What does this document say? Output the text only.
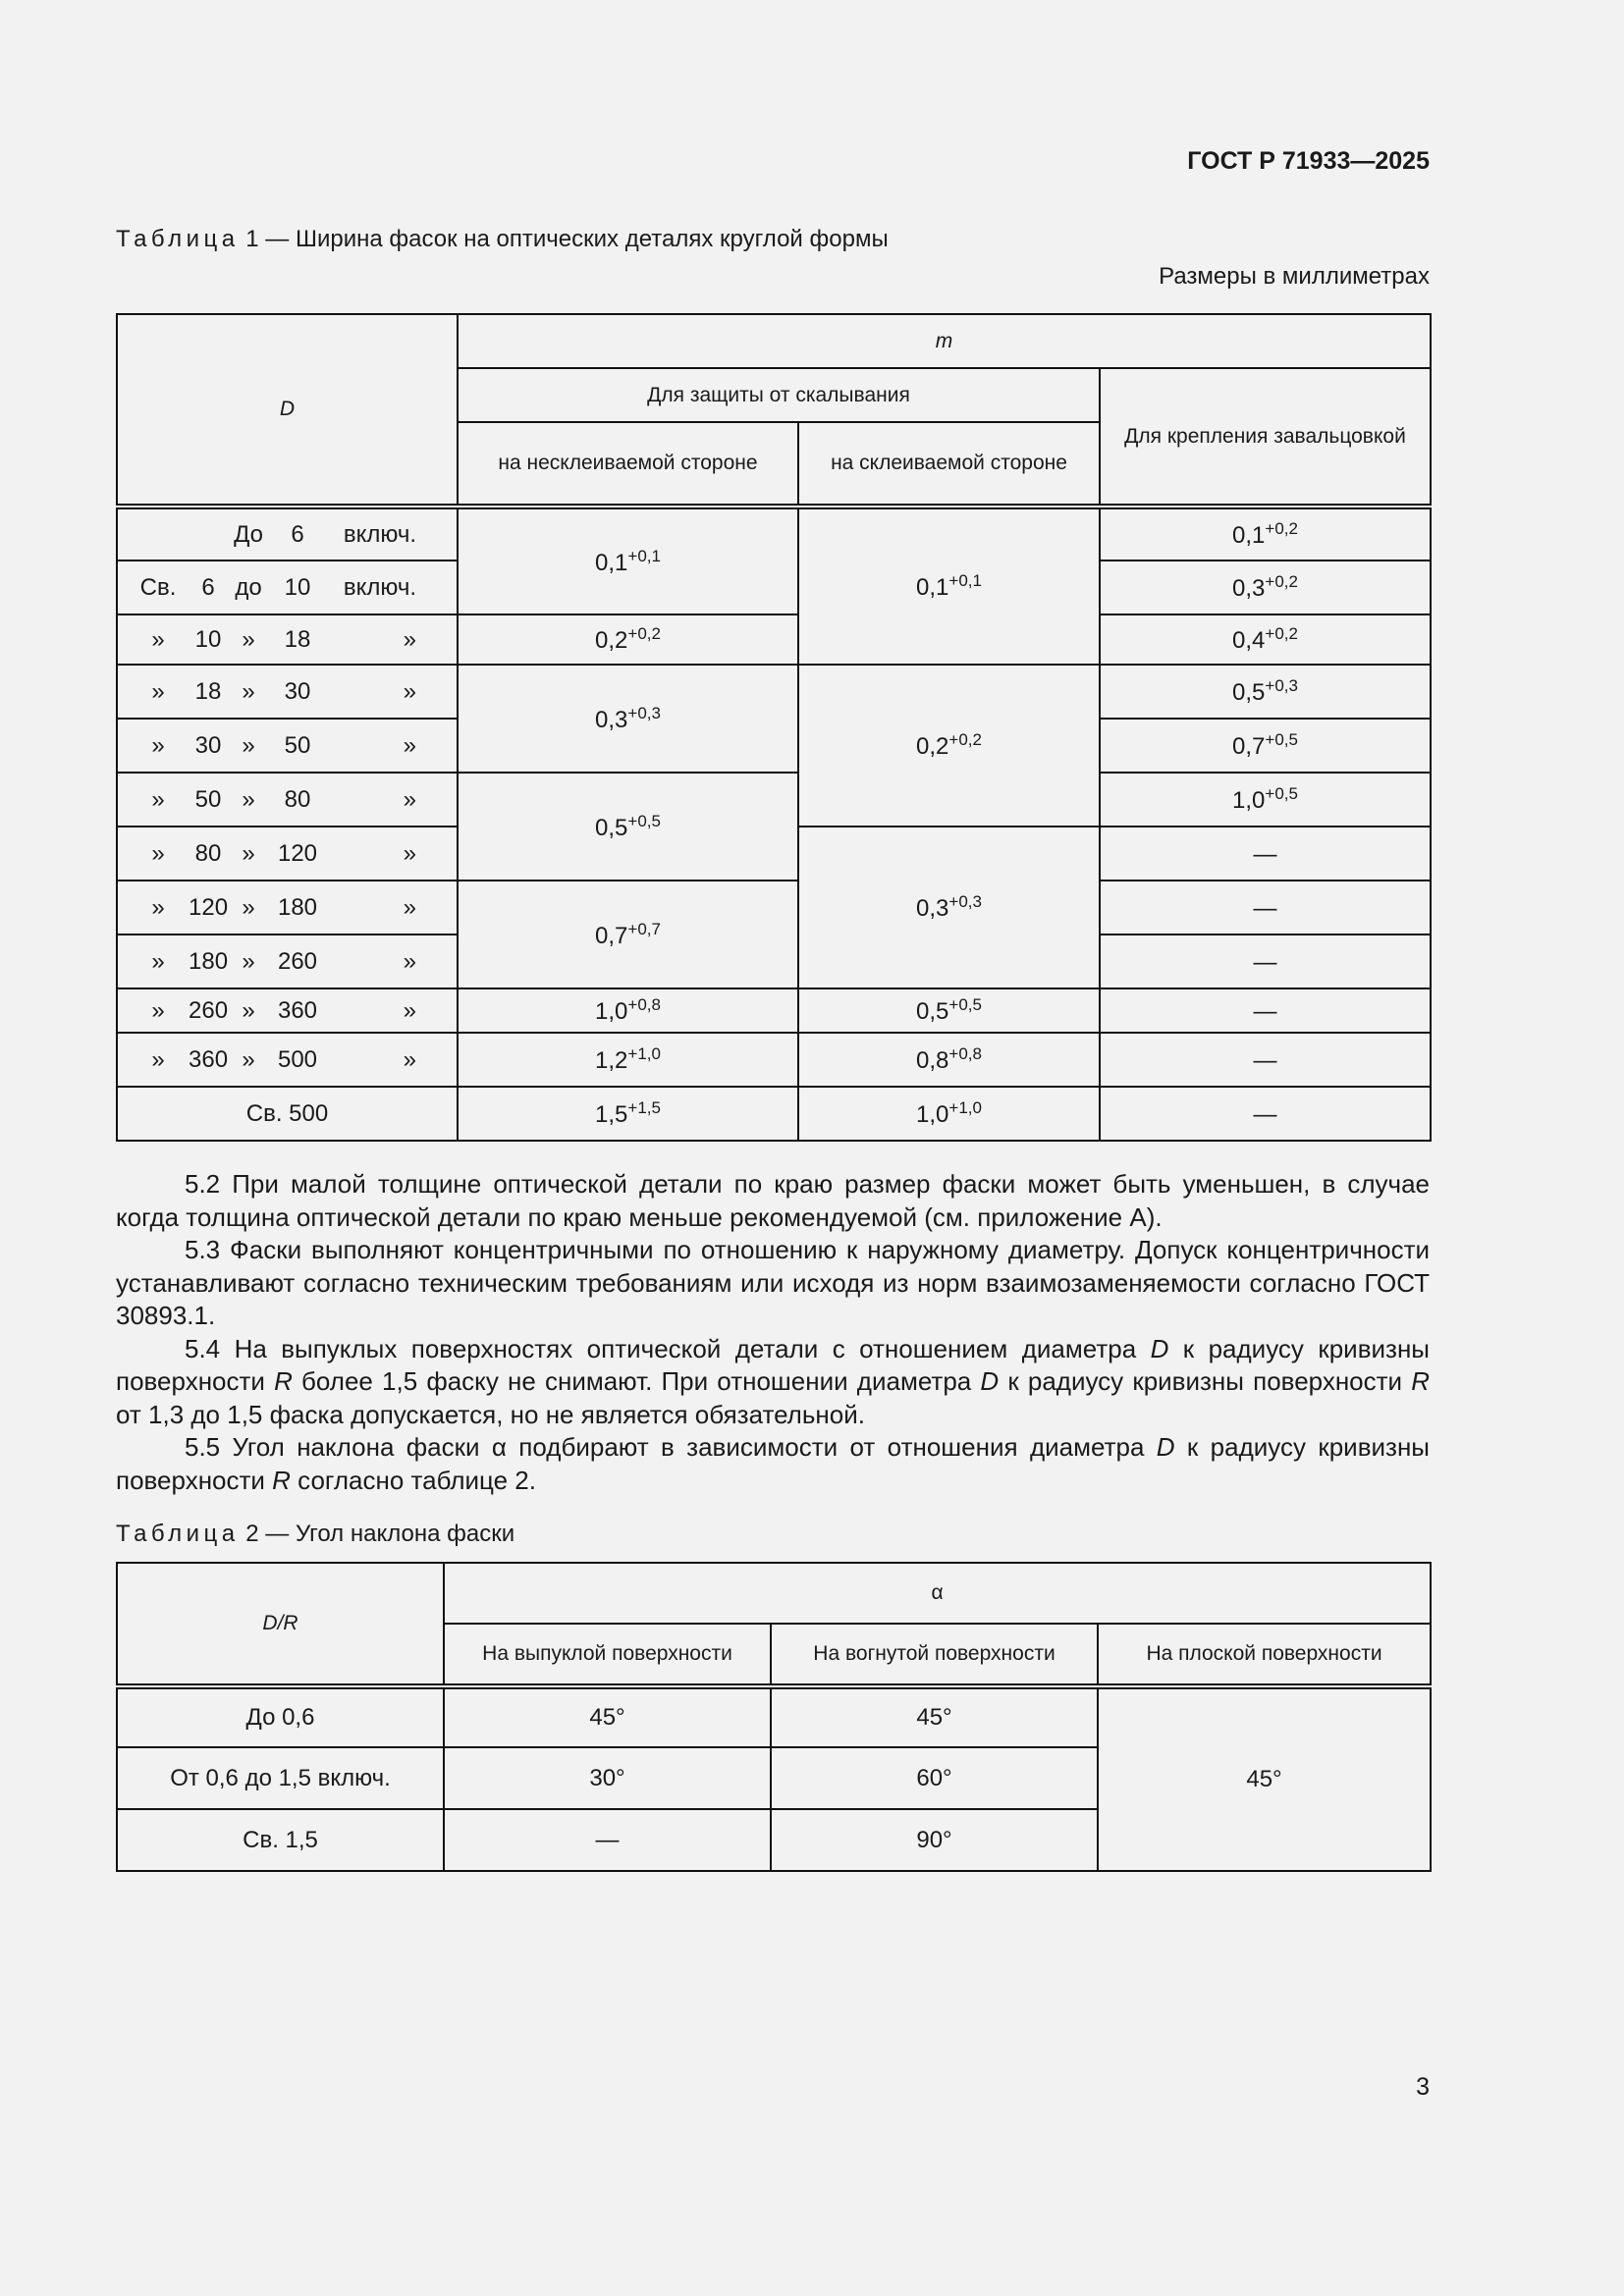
ГОСТ Р 71933—2025
Таблица 1 — Ширина фасок на оптических деталях круглой формы
Размеры в миллиметрах
D	m		
	Для защиты от скалывания		Для крепления завальцовкой
	на несклеиваемой стороне	на склеиваемой стороне	

До 6 включ.	$0,1^{+0,1}$	$0,1^{+0,1}$	$0,1^{+0,2}$

Св. 6 до 10 включ.			$0,3^{+0,2}$

» 10 » 18 »	$0,2^{+0,2}$		$0,4^{+0,2}$

» 18 » 30 »	$0,3^{+0,3}$	$0,2^{+0,2}$	$0,5^{+0,3}$

» 30 » 50 »			$0,7^{+0,5}$

» 50 » 80 »	$0,5^{+0,5}$		$1,0^{+0,5}$

» 80 » 120 »		$0,3^{+0,3}$	—

» 120 » 180 »	$0,7^{+0,7}$		—

» 180 » 260 »			—

» 260 » 360 »	$1,0^{+0,8}$	$0,5^{+0,5}$	—

» 360 » 500 »	$1,2^{+1,0}$	$0,8^{+0,8}$	—
Св. 500	$1,5^{+1,5}$	$1,0^{+1,0}$	—

5.2 При малой толщине оптической детали по краю размер фаски может быть уменьшен, в случае когда толщина оптической детали по краю меньше рекомендуемой (см. приложение А).

5.3 Фаски выполняют концентричными по отношению к наружному диаметру. Допуск концентричности устанавливают согласно техническим требованиям или исходя из норм взаимозаменяемости согласно ГОСТ 30893.1.

5.4 На выпуклых поверхностях оптической детали с отношением диаметра D к радиусу кривизны поверхности R более 1,5 фаску не снимают. При отношении диаметра D к радиусу кривизны поверхности R от 1,3 до 1,5 фаска допускается, но не является обязательной.

5.5 Угол наклона фаски α подбирают в зависимости от отношения диаметра D к радиусу кривизны поверхности R согласно таблице 2.

Таблица 2 — Угол наклона фаски
D/R	α		
	На выпуклой поверхности	На вогнутой поверхности	На плоской поверхности
До 0,6	45°	45°	45°
От 0,6 до 1,5 включ.	30°	60°	
Св. 1,5	—	90°	
3
